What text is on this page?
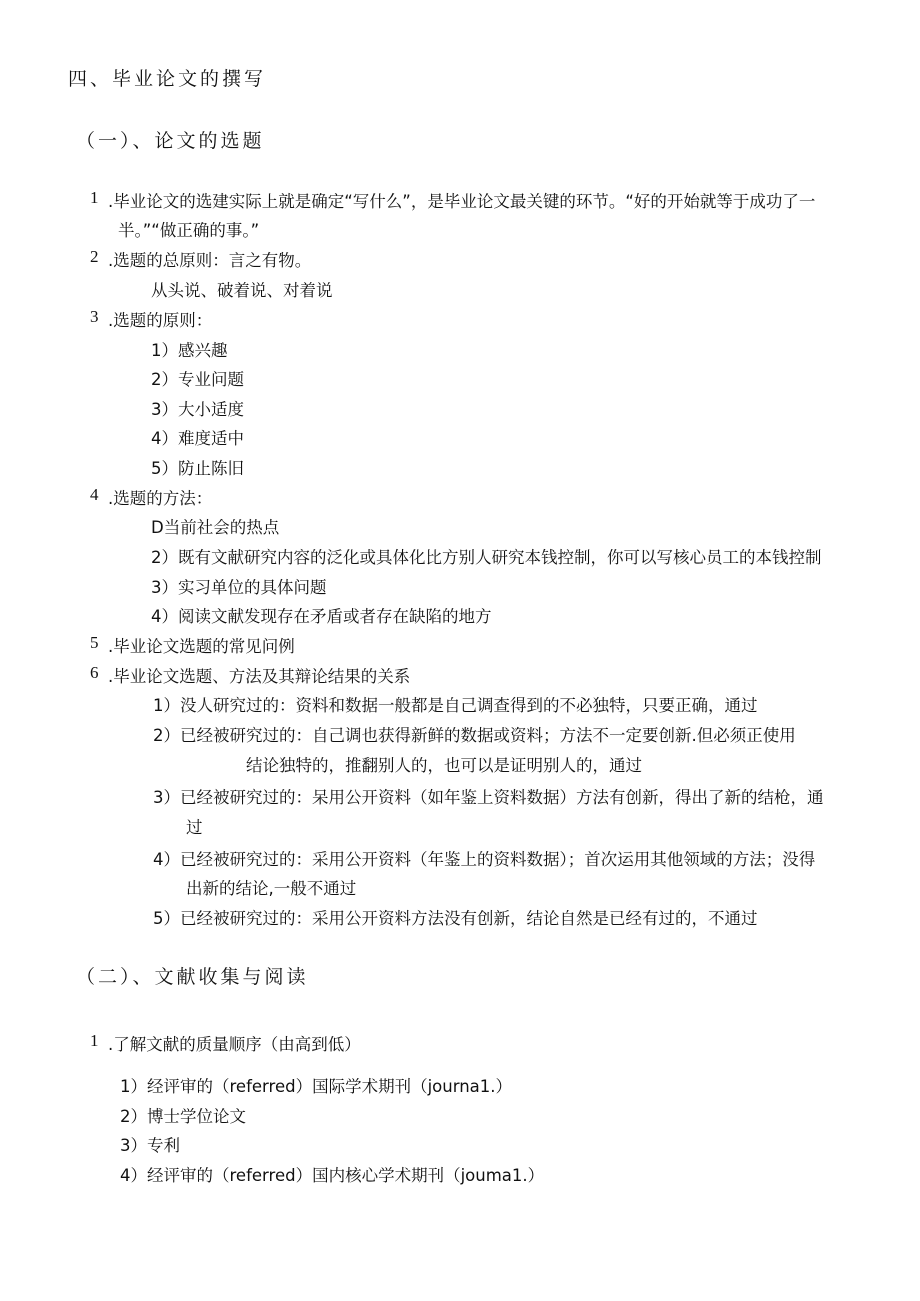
四、毕业论文的撰写
（一）、论文的选题
1 .毕业论文的选建实际上就是确定“写什么”，是毕业论文最关键的环节。“好的开始就等于成功了一
半。”“做正确的事。”
2 .选题的总原则：言之有物。
从头说、破着说、对着说
3 .选题的原则：
1）感兴趣
2）专业问题
3）大小适度
4）难度适中
5）防止陈旧
4 .选题的方法：
D当前社会的热点
2）既有文献研究内容的泛化或具体化比方别人研究本钱控制，你可以写核心员工的本钱控制
3）实习单位的具体问题
4）阅读文献发现存在矛盾或者存在缺陷的地方
5 .毕业论文选题的常见问例
6 .毕业论文选题、方法及其辩论结果的关系
1）没人研究过的：资料和数据一般都是自己调查得到的不必独特，只要正确，通过
2）已经被研究过的：自己调也获得新鲜的数据或资料；方法不一定要创新.但必须正使用
结论独特的，推翻别人的，也可以是证明别人的，通过
3）已经被研究过的：呆用公开资料（如年鉴上资料数据）方法有创新，得出了新的结枪，通
过
4）已经被研究过的：采用公开资料（年鉴上的资料数据）；首次运用其他领域的方法；没得
出新的结论,一般不通过
5）已经被研究过的：采用公开资料方法没有创新，结论自然是已经有过的，不通过
（二）、文献收集与阅读
1 .了解文献的质量顺序（由高到低）
1）经评审的（referred）国际学术期刊（journa1.）
2）博士学位论文
3）专利
4）经评审的（referred）国内核心学术期刊（jouma1.）
